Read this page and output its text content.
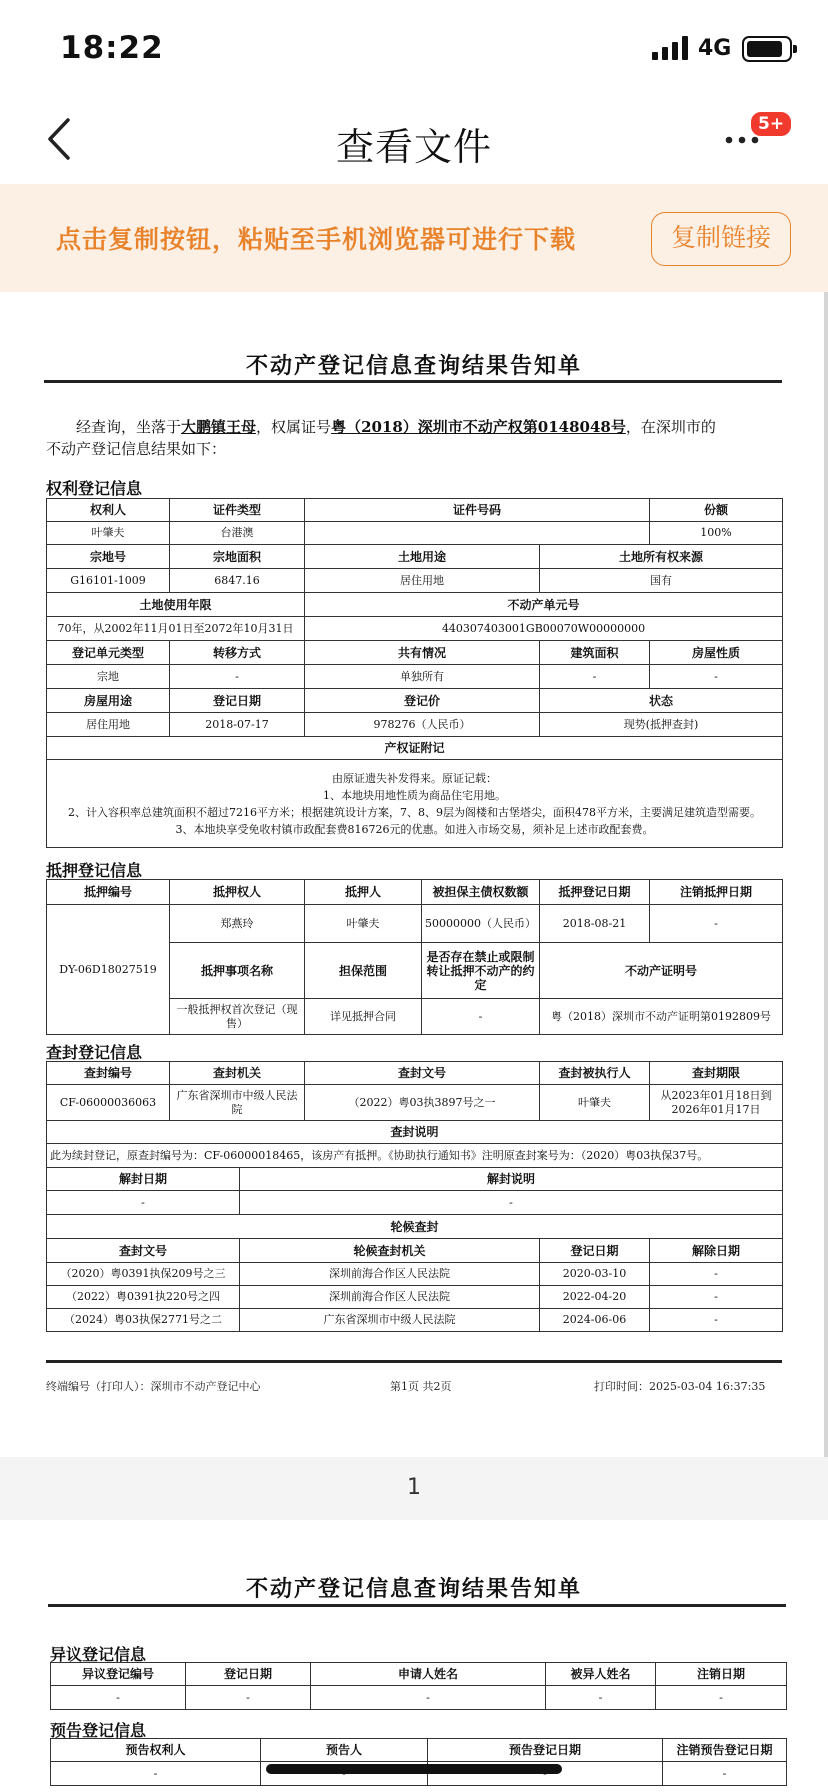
18:22	4G
查看文件
5+
点击复制按钮，粘贴至手机浏览器可进行下载	复制链接
不动产登记信息查询结果告知单
　　经查询，坐落于大鹏镇王母，权属证号粤（2018）深圳市不动产权第0148048号，在深圳市的
不动产登记信息结果如下：
权利登记信息
权利人	证件类型	证件号码		份额
叶肇夫	台港澳			100%
宗地号	宗地面积	土地用途	土地所有权来源	
G16101-1009	6847.16	居住用地	国有	
土地使用年限		不动产单元号		
70年，从2002年11月01日至2072年10月31日		440307403001GB00070W00000000		
登记单元类型	转移方式	共有情况	建筑面积	房屋性质
宗地	-	单独所有	-	-
房屋用途	登记日期	登记价	状态	
居住用地	2018-07-17	978276（人民币）	现势(抵押查封)	
产权证附记				

由原证遗失补发得来。原证记载：
1、本地块用地性质为商品住宅用地。
2、计入容积率总建筑面积不超过7216平方米；根据建筑设计方案，7、8、9层为阁楼和古堡塔尖，面积478平方米，主要满足建筑造型需要。
3、本地块享受免收村镇市政配套费816726元的优惠。如进入市场交易，须补足上述市政配套费。				
抵押登记信息
抵押编号	抵押权人	抵押人	被担保主债权数额	抵押登记日期	注销抵押日期
DY-06D18027519	郑燕玲	叶肇夫	50000000（人民币）	2018-08-21	-
	抵押事项名称	担保范围	是否存在禁止或限制转让抵押不动产的约定	不动产证明号	
	一般抵押权首次登记（现售）	详见抵押合同	-	粤（2018）深圳市不动产证明第0192809号	
查封登记信息
查封编号	查封机关		查封文号	查封被执行人	查封期限
CF-06000036063	广东省深圳市中级人民法院		（2022）粤03执3897号之一	叶肇夫	从2023年01月18日到2026年01月17日
查封说明					
此为续封登记，原查封编号为：CF-06000018465，该房产有抵押。《协助执行通知书》注明原查封案号为：（2020）粤03执保37号。					
解封日期		解封说明			
-		-			
轮候查封					
查封文号		轮候查封机关		登记日期	解除日期
（2020）粤0391执保209号之三		深圳前海合作区人民法院		2020-03-10	-
（2022）粤0391执220号之四		深圳前海合作区人民法院		2022-04-20	-
（2024）粤03执保2771号之二		广东省深圳市中级人民法院		2024-06-06	-
终端编号（打印人）：深圳市不动产登记中心	第1页 共2页	打印时间：2025-03-04 16:37:35
1
不动产登记信息查询结果告知单
异议登记信息
异议登记编号	登记日期	申请人姓名	被异人姓名	注销日期
-	-	-	-	-
预告登记信息
预告权利人	预告人	预告登记日期	注销预告登记日期
-			-
